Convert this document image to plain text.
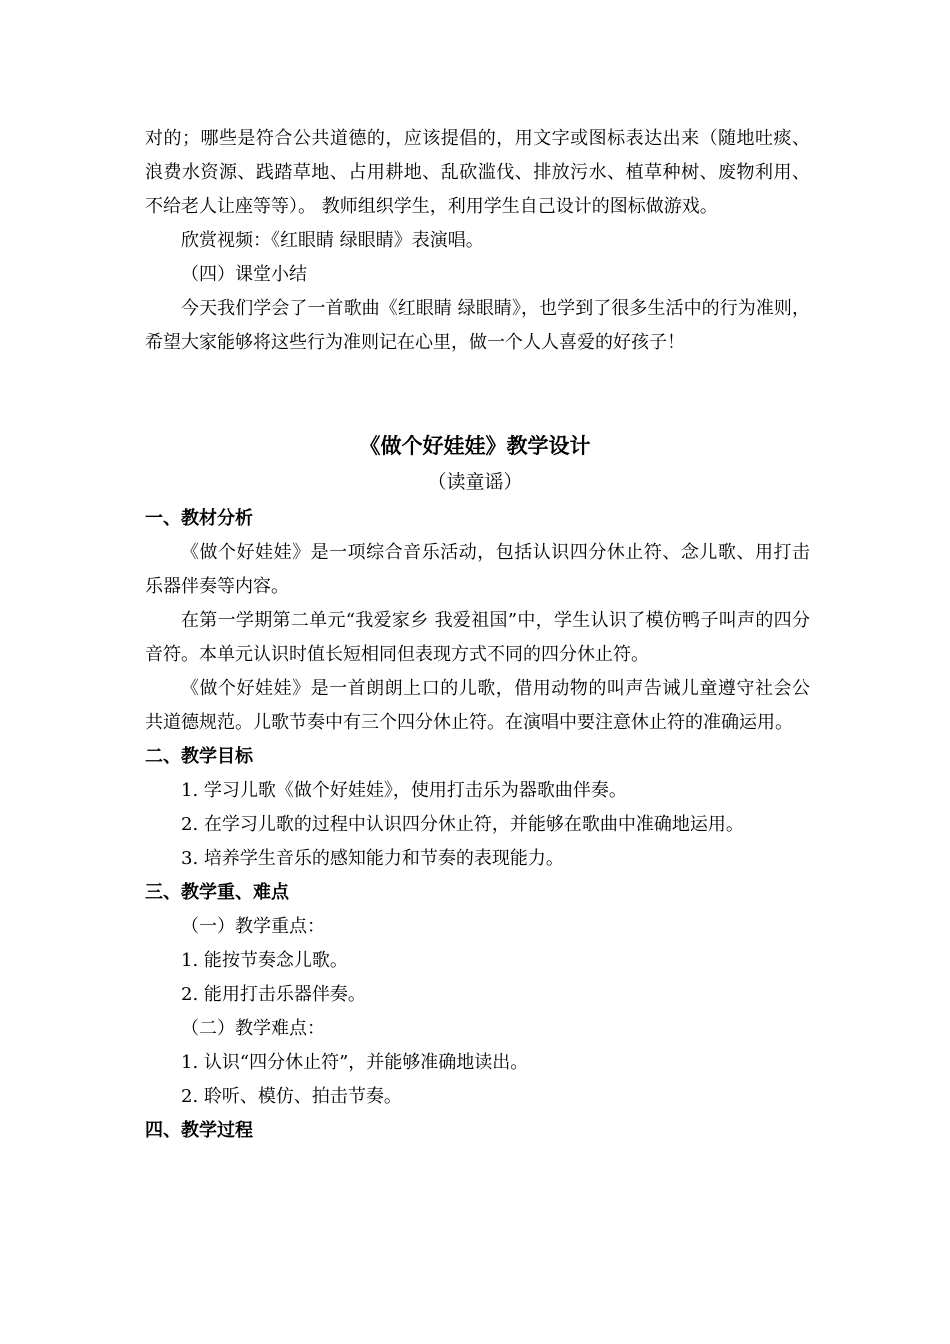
对的；哪些是符合公共道德的，应该提倡的，用文字或图标表达出来（随地吐痰、浪费水资源、践踏草地、占用耕地、乱砍滥伐、排放污水、植草种树、废物利用、不给老人让座等等）。 教师组织学生，利用学生自己设计的图标做游戏。

欣赏视频：《红眼睛 绿眼睛》表演唱。

（四）课堂小结

今天我们学会了一首歌曲《红眼睛 绿眼睛》，也学到了很多生活中的行为准则，希望大家能够将这些行为准则记在心里，做一个人人喜爱的好孩子！

《做个好娃娃》教学设计
（读童谣）

一、教材分析

《做个好娃娃》是一项综合音乐活动，包括认识四分休止符、念儿歌、用打击乐器伴奏等内容。

在第一学期第二单元“我爱家乡 我爱祖国”中，学生认识了模仿鸭子叫声的四分音符。本单元认识时值长短相同但表现方式不同的四分休止符。

《做个好娃娃》是一首朗朗上口的儿歌，借用动物的叫声告诫儿童遵守社会公共道德规范。儿歌节奏中有三个四分休止符。在演唱中要注意休止符的准确运用。

二、教学目标

1. 学习儿歌《做个好娃娃》，使用打击乐为器歌曲伴奏。

2. 在学习儿歌的过程中认识四分休止符，并能够在歌曲中准确地运用。

3. 培养学生音乐的感知能力和节奏的表现能力。

三、教学重、难点

（一）教学重点：

1. 能按节奏念儿歌。

2. 能用打击乐器伴奏。

（二）教学难点：

1. 认识“四分休止符”，并能够准确地读出。

2. 聆听、模仿、拍击节奏。

四、教学过程
